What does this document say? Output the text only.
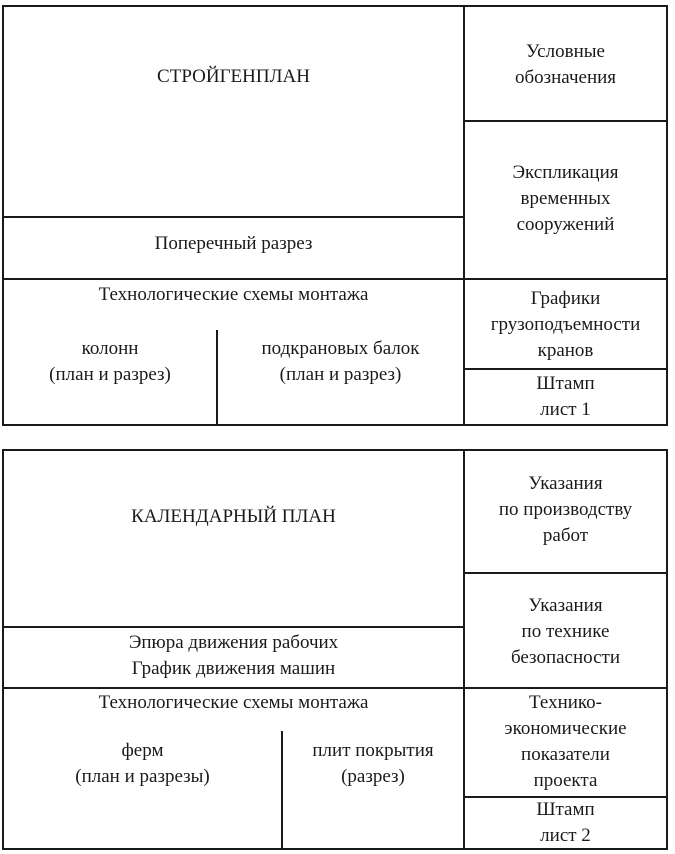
СТРОЙГЕНПЛАН
Поперечный разрез
Технологические схемы монтажа
колонн
(план и разрез)
подкрановых балок
(план и разрез)
Условные
обозначения
Экспликация
временных
сооружений
Графики
грузоподъемности
кранов
Штамп
лист 1
КАЛЕНДАРНЫЙ ПЛАН
Эпюра движения рабочих
График движения машин
Технологические схемы монтажа
ферм
(план и разрезы)
плит покрытия
(разрез)
Указания
по производству
работ
Указания
по технике
безопасности
Технико-
экономические
показатели
проекта
Штамп
лист 2
